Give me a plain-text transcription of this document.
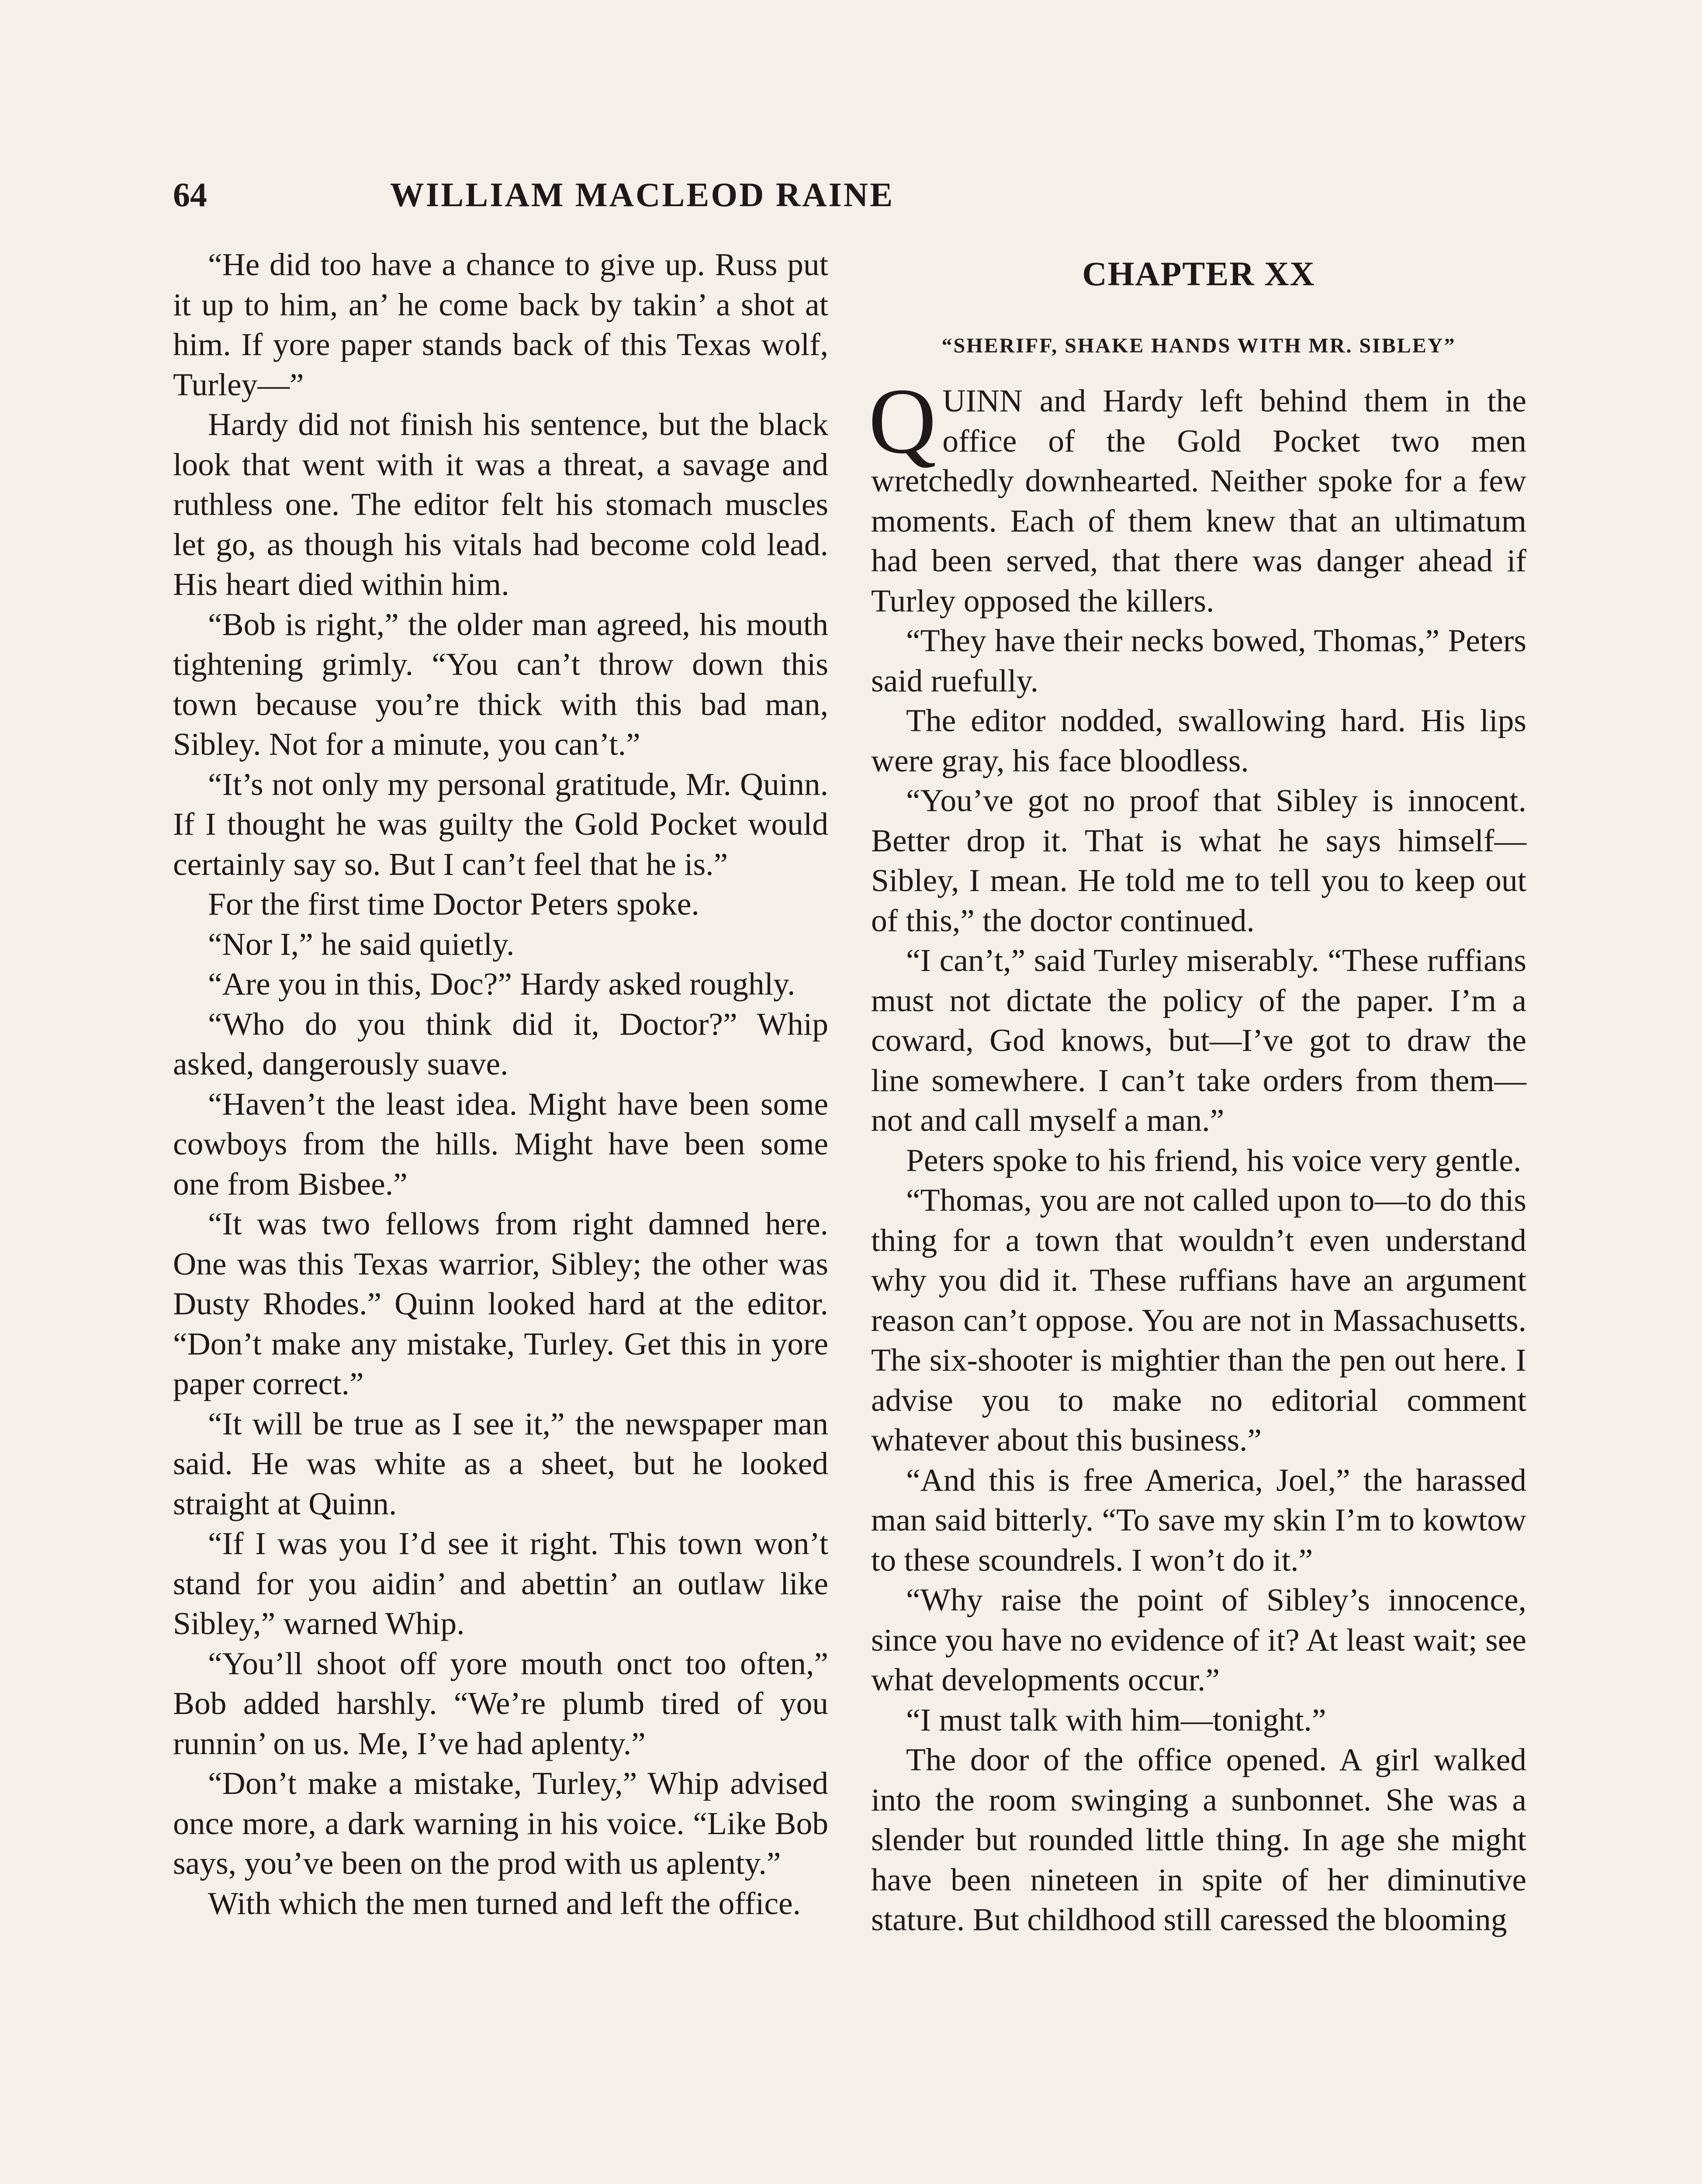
64	WILLIAM MACLEOD RAINE

“He did too have a chance to give up. Russ put it up to him, an’ he come back by takin’ a shot at him. If yore paper stands back of this Texas wolf, Turley—”

Hardy did not finish his sentence, but the black look that went with it was a threat, a savage and ruthless one. The editor felt his stomach muscles let go, as though his vitals had become cold lead. His heart died within him.

“Bob is right,” the older man agreed, his mouth tightening grimly. “You can’t throw down this town because you’re thick with this bad man, Sibley. Not for a minute, you can’t.”

“It’s not only my personal gratitude, Mr. Quinn. If I thought he was guilty the Gold Pocket would certainly say so. But I can’t feel that he is.”

For the first time Doctor Peters spoke.

“Nor I,” he said quietly.

“Are you in this, Doc?” Hardy asked roughly.

“Who do you think did it, Doctor?” Whip asked, dangerously suave.

“Haven’t the least idea. Might have been some cowboys from the hills. Might have been some one from Bisbee.”

“It was two fellows from right damned here. One was this Texas warrior, Sibley; the other was Dusty Rhodes.” Quinn looked hard at the editor. “Don’t make any mistake, Turley. Get this in yore paper correct.”

“It will be true as I see it,” the newspaper man said. He was white as a sheet, but he looked straight at Quinn.

“If I was you I’d see it right. This town won’t stand for you aidin’ and abettin’ an outlaw like Sibley,” warned Whip.

“You’ll shoot off yore mouth onct too often,” Bob added harshly. “We’re plumb tired of you runnin’ on us. Me, I’ve had aplenty.”

“Don’t make a mistake, Turley,” Whip advised once more, a dark warning in his voice. “Like Bob says, you’ve been on the prod with us aplenty.”

With which the men turned and left the office.

CHAPTER XX
“SHERIFF, SHAKE HANDS WITH MR. SIBLEY”

QUINN and Hardy left behind them in the office of the Gold Pocket two men wretchedly downhearted. Neither spoke for a few moments. Each of them knew that an ultimatum had been served, that there was danger ahead if Turley opposed the killers.

“They have their necks bowed, Thomas,” Peters said ruefully.

The editor nodded, swallowing hard. His lips were gray, his face bloodless.

“You’ve got no proof that Sibley is innocent. Better drop it. That is what he says himself—Sibley, I mean. He told me to tell you to keep out of this,” the doctor continued.

“I can’t,” said Turley miserably. “These ruffians must not dictate the policy of the paper. I’m a coward, God knows, but—I’ve got to draw the line somewhere. I can’t take orders from them—not and call myself a man.”

Peters spoke to his friend, his voice very gentle.

“Thomas, you are not called upon to—to do this thing for a town that wouldn’t even understand why you did it. These ruffians have an argument reason can’t oppose. You are not in Massachusetts. The six-shooter is mightier than the pen out here. I advise you to make no editorial comment whatever about this business.”

“And this is free America, Joel,” the harassed man said bitterly. “To save my skin I’m to kowtow to these scoundrels. I won’t do it.”

“Why raise the point of Sibley’s innocence, since you have no evidence of it? At least wait; see what developments occur.”

“I must talk with him—tonight.”

The door of the office opened. A girl walked into the room swinging a sunbonnet. She was a slender but rounded little thing. In age she might have been nineteen in spite of her diminutive stature. But childhood still caressed the blooming
